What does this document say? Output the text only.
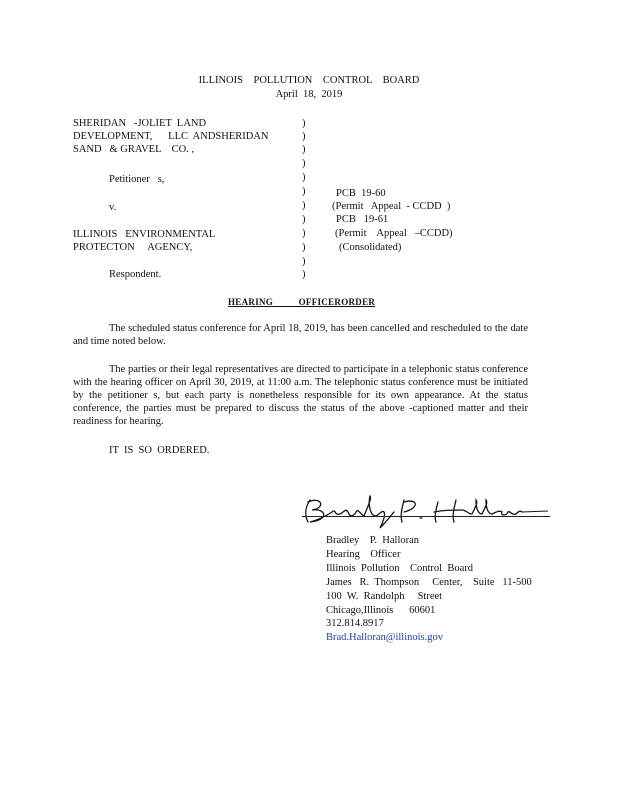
ILLINOIS    POLLUTION    CONTROL    BOARD
April  18,  2019
SHERIDAN   -JOLIET  LAND
DEVELOPMENT,      LLC  ANDSHERIDAN
SAND   & GRAVEL    CO. ,
Petitioner   s,
v.
ILLINOIS   ENVIRONMENTAL
PROTECTON     AGENCY,
Respondent.
)
)
)
)
)
)
)
)
)
)
)
)
PCB  19-60
(Permit   Appeal  - CCDD  )
PCB   19-61
(Permit    Appeal   –CCDD)
(Consolidated)
HEARING          OFFICERORDER
The scheduled status conference for April 18, 2019, has been cancelled and rescheduled to the date and time noted below.
The parties or their legal representatives are directed to participate in a telephonic status conference with the hearing officer on April 30, 2019, at 11:00 a.m. The telephonic status conference must be initiated by the petitioner s, but each party is nonetheless responsible for its own appearance. At the status conference, the parties must be prepared to discuss the status of the above -captioned matter and their readiness for hearing.
IT  IS  SO  ORDERED.
Bradley    P.  Halloran
Hearing    Officer
Illinois  Pollution    Control  Board
James   R.  Thompson     Center,    Suite   11-500
100  W.  Randolph     Street
Chicago,Illinois      60601
312.814.8917
Brad.Halloran@illinois.gov
